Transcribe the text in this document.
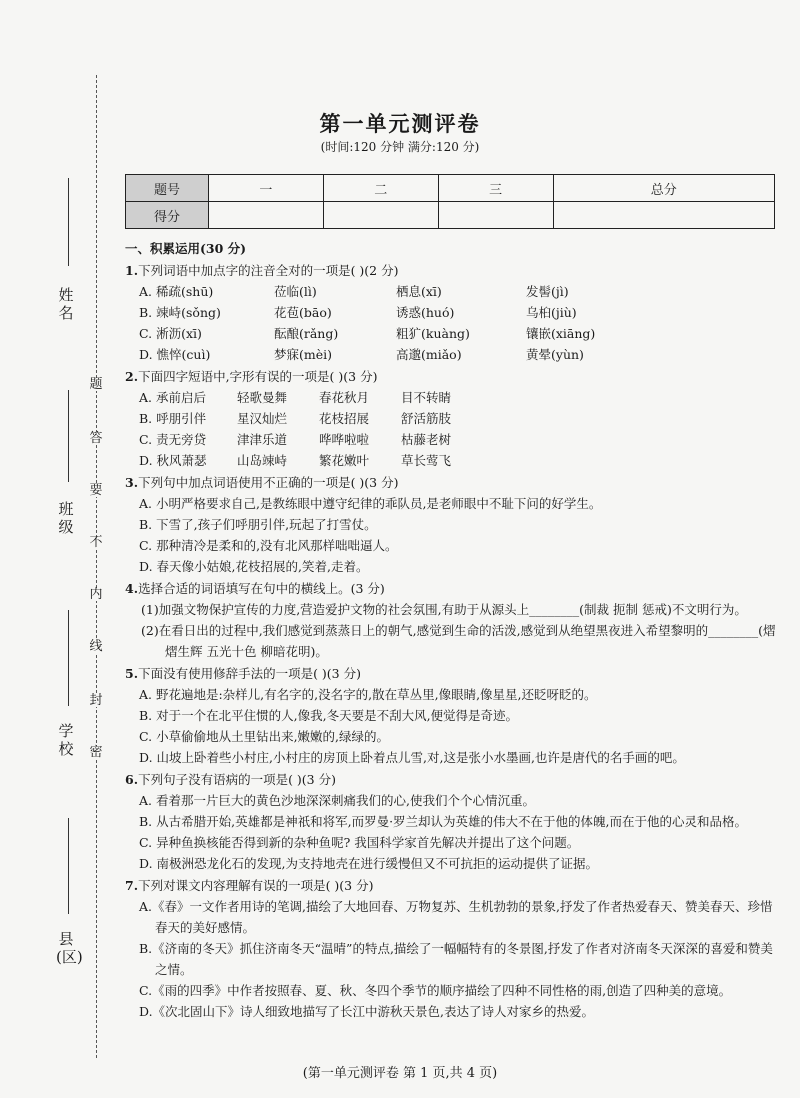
题
答
要
不
内
线
封
密
姓名
班级
学校
县(区)
第一单元测评卷
(时间:120 分钟 满分:120 分)
题号	一	二	三	总分
得分				
一、积累运用(30 分)
1.下列词语中加点字的注音全对的一项是( )(2 分)
A. 稀疏(shū)	莅临(lì)	栖息(xī)	发髻(jì)
B. 竦峙(sǒng)	花苞(bāo)	诱惑(huó)	乌桕(jiù)
C. 淅沥(xī)	酝酿(rǎng)	粗犷(kuàng)	镶嵌(xiāng)
D. 憔悴(cuì)	梦寐(mèi)	高邈(miǎo)	黄晕(yùn)
2.下面四字短语中,字形有误的一项是( )(3 分)
A. 承前启后	轻歌曼舞	春花秋月	目不转睛
B. 呼朋引伴	星汉灿烂	花枝招展	舒活筋肢
C. 责无旁贷	津津乐道	哗哗啦啦	枯藤老树
D. 秋风萧瑟	山岛竦峙	繁花嫩叶	草长莺飞
3.下列句中加点词语使用不正确的一项是( )(3 分)
A. 小明严格要求自己,是教练眼中遵守纪律的乖队员,是老师眼中不耻下问的好学生。
B. 下雪了,孩子们呼朋引伴,玩起了打雪仗。
C. 那种清冷是柔和的,没有北风那样咄咄逼人。
D. 春天像小姑娘,花枝招展的,笑着,走着。
4.选择合适的词语填写在句中的横线上。(3 分)
(1)加强文物保护宣传的力度,营造爱护文物的社会氛围,有助于从源头上________(制裁 扼制 惩戒)不文明行为。
(2)在看日出的过程中,我们感觉到蒸蒸日上的朝气,感觉到生命的活泼,感觉到从绝望黑夜进入希望黎明的________(熠熠生辉 五光十色 柳暗花明)。
5.下面没有使用修辞手法的一项是( )(3 分)
A. 野花遍地是:杂样儿,有名字的,没名字的,散在草丛里,像眼睛,像星星,还眨呀眨的。
B. 对于一个在北平住惯的人,像我,冬天要是不刮大风,便觉得是奇迹。
C. 小草偷偷地从土里钻出来,嫩嫩的,绿绿的。
D. 山坡上卧着些小村庄,小村庄的房顶上卧着点儿雪,对,这是张小水墨画,也许是唐代的名手画的吧。
6.下列句子没有语病的一项是( )(3 分)
A. 看着那一片巨大的黄色沙地深深刺痛我们的心,使我们个个心情沉重。
B. 从古希腊开始,英雄都是神祇和将军,而罗曼·罗兰却认为英雄的伟大不在于他的体魄,而在于他的心灵和品格。
C. 异种鱼换核能否得到新的杂种鱼呢? 我国科学家首先解决并提出了这个问题。
D. 南极洲恐龙化石的发现,为支持地壳在进行缓慢但又不可抗拒的运动提供了证据。
7.下列对课文内容理解有误的一项是( )(3 分)
A.《春》一文作者用诗的笔调,描绘了大地回春、万物复苏、生机勃勃的景象,抒发了作者热爱春天、赞美春天、珍惜春天的美好感情。
B.《济南的冬天》抓住济南冬天“温晴”的特点,描绘了一幅幅特有的冬景图,抒发了作者对济南冬天深深的喜爱和赞美之情。
C.《雨的四季》中作者按照春、夏、秋、冬四个季节的顺序描绘了四种不同性格的雨,创造了四种美的意境。
D.《次北固山下》诗人细致地描写了长江中游秋天景色,表达了诗人对家乡的热爱。
(第一单元测评卷 第 1 页,共 4 页)
